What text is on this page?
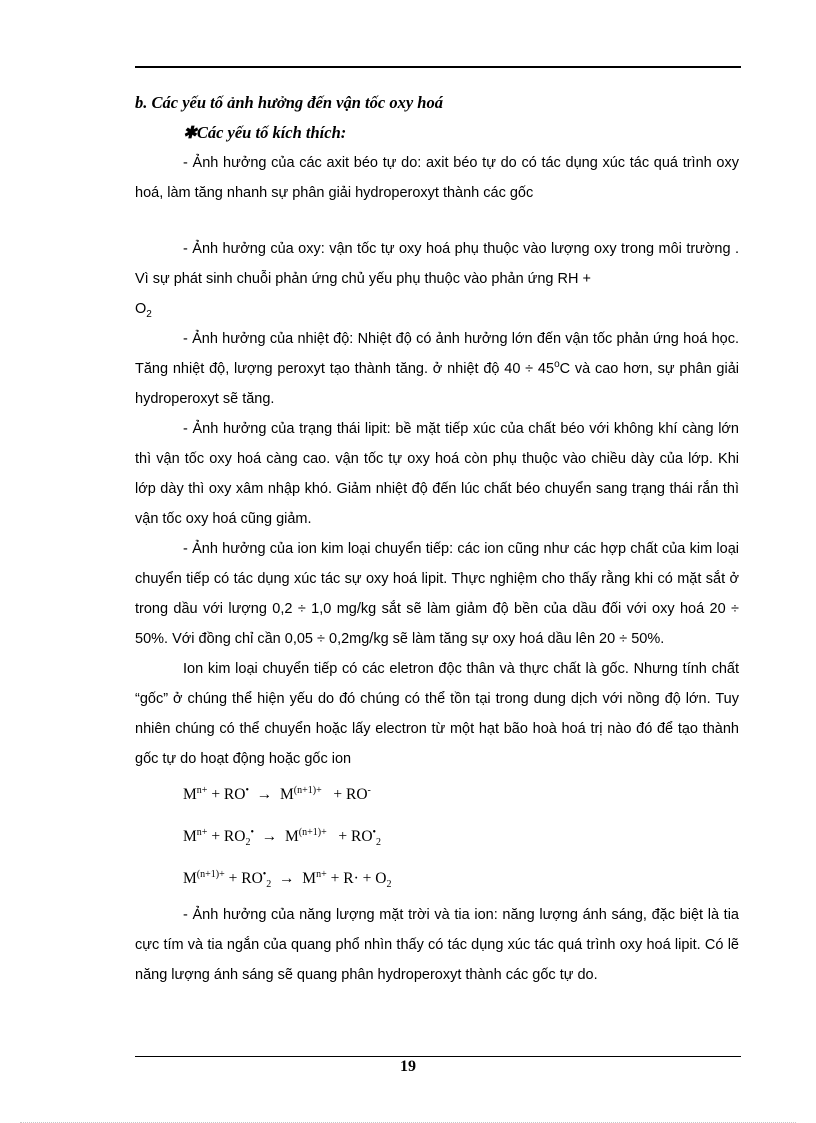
b. Các yếu tố ảnh hưởng đến vận tốc oxy hoá

✱Các yếu tố kích thích:

- Ảnh hưởng của các axit béo tự do: axit béo tự do có tác dụng xúc tác quá trình oxy hoá, làm tăng nhanh sự phân giải hydroperoxyt thành các gốc

- Ảnh hưởng của oxy: vận tốc tự oxy hoá phụ thuộc vào lượng oxy trong môi trường . Vì sự phát sinh chuỗi phản ứng chủ yếu phụ thuộc vào phản ứng RH +
$O_2$

- Ảnh hưởng của nhiệt độ: Nhiệt độ có ảnh hưởng lớn đến vận tốc phản ứng hoá học. Tăng nhiệt độ, lượng peroxyt tạo thành tăng. ở nhiệt độ $40 \div 45^oC$ và cao hơn, sự phân giải hydroperoxyt sẽ tăng.

- Ảnh hưởng của trạng thái lipit: bề mặt tiếp xúc của chất béo với không khí càng lớn thì vận tốc oxy hoá càng cao. vận tốc tự oxy hoá còn phụ thuộc vào chiều dày của lớp. Khi lớp dày thì oxy xâm nhập khó. Giảm nhiệt độ đến lúc chất béo chuyển sang trạng thái rắn thì vận tốc oxy hoá cũng giảm.

- Ảnh hưởng của ion kim loại chuyển tiếp: các ion cũng như các hợp chất của kim loại chuyển tiếp có tác dụng xúc tác sự oxy hoá lipit. Thực nghiệm cho thấy rằng khi có mặt sắt ở trong dầu với lượng 0,2 ÷ 1,0 mg/kg sắt sẽ làm giảm độ bền của dầu đối với oxy hoá 20 ÷ 50%. Với đồng chỉ cần 0,05 ÷ 0,2mg/kg sẽ làm tăng sự oxy hoá dầu lên 20 ÷ 50%.

Ion kim loại chuyển tiếp có các eletron độc thân và thực chất là gốc. Nhưng tính chất “gốc” ở chúng thể hiện yếu do đó chúng có thể tồn tại trong dung dịch với nồng độ lớn. Tuy nhiên chúng có thể chuyển hoặc lấy electron từ một hạt bão hoà hoá trị nào đó để tạo thành gốc tự do hoạt động hoặc gốc ion

$M^{n+} + RO^• \to M^{(n+1)+} + RO^-$

$M^{n+} + RO_2^• \to M^{(n+1)+} + RO^•_2$

$M^{(n+1)+} + RO^•_2 \to M^{n+} + R\cdot + O_2$

- Ảnh hưởng của năng lượng mặt trời và tia ion: năng lượng ánh sáng, đặc biệt là tia cực tím và tia ngắn của quang phổ nhìn thấy có tác dụng xúc tác quá trình oxy hoá lipit. Có lẽ năng lượng ánh sáng sẽ quang phân hydroperoxyt thành các gốc tự do.

19
